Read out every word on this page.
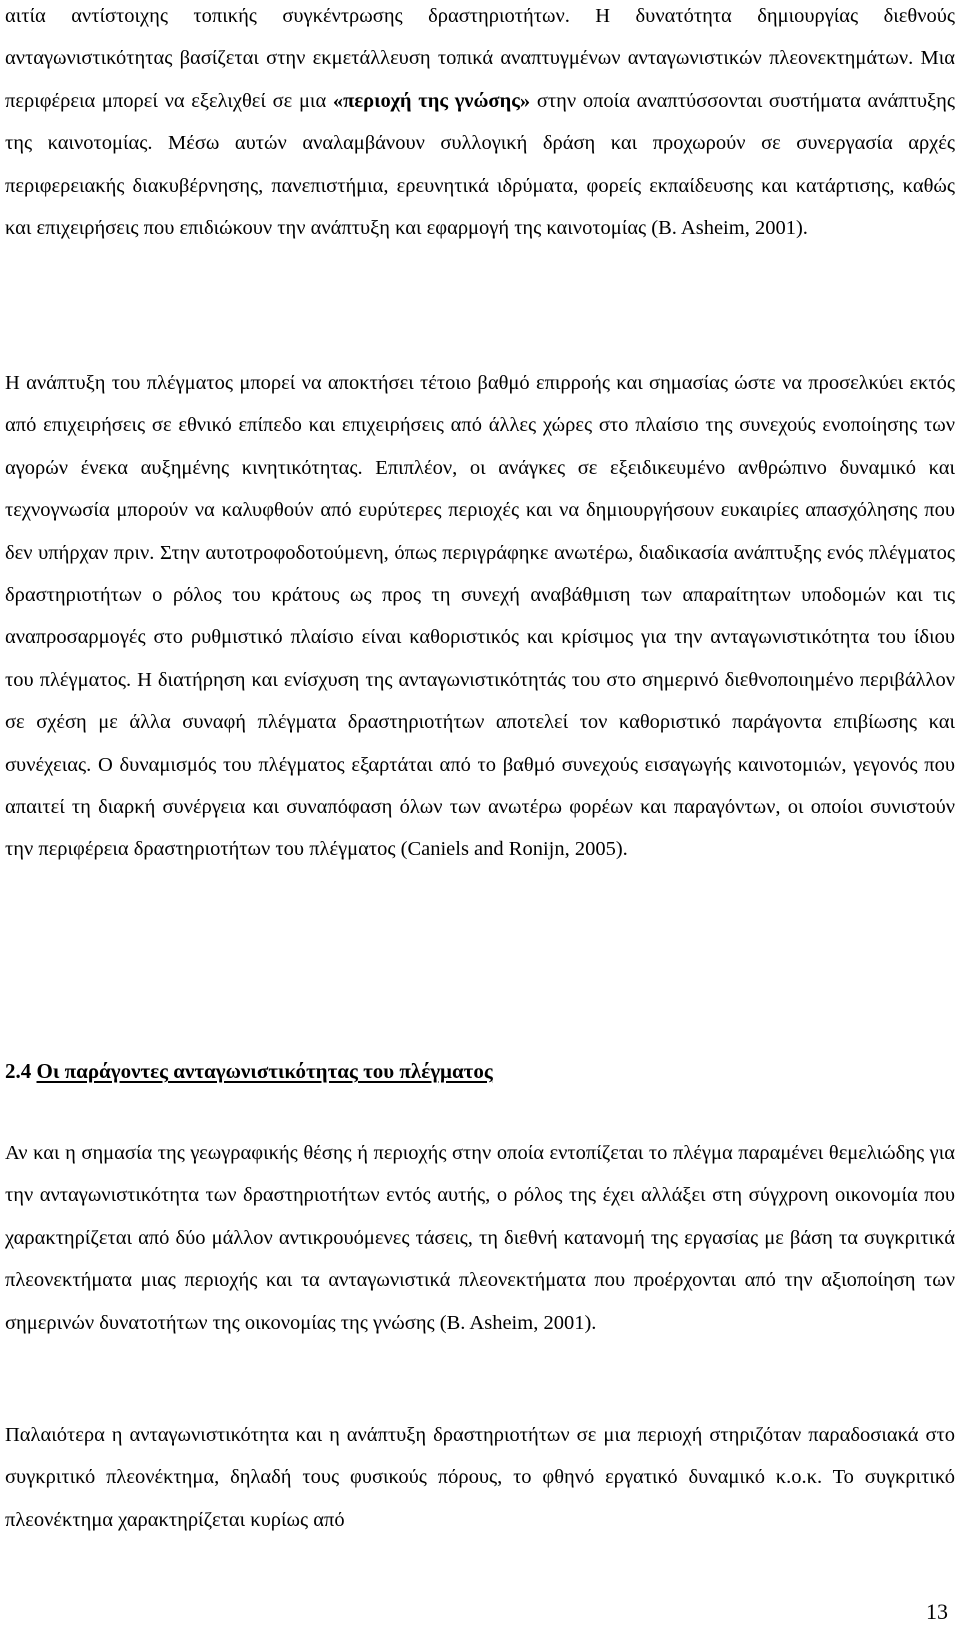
αιτία αντίστοιχης τοπικής συγκέντρωσης δραστηριοτήτων. Η δυνατότητα δημιουργίας διεθνούς ανταγωνιστικότητας βασίζεται στην εκμετάλλευση τοπικά αναπτυγμένων ανταγωνιστικών πλεονεκτημάτων. Μια περιφέρεια μπορεί να εξελιχθεί σε μια «περιοχή της γνώσης» στην οποία αναπτύσσονται συστήματα ανάπτυξης της καινοτομίας. Μέσω αυτών αναλαμβάνουν συλλογική δράση και προχωρούν σε συνεργασία αρχές περιφερειακής διακυβέρνησης, πανεπιστήμια, ερευνητικά ιδρύματα, φορείς εκπαίδευσης και κατάρτισης, καθώς και επιχειρήσεις που επιδιώκουν την ανάπτυξη και εφαρμογή της καινοτομίας (B. Asheim, 2001).

Η ανάπτυξη του πλέγματος μπορεί να αποκτήσει τέτοιο βαθμό επιρροής και σημασίας ώστε να προσελκύει εκτός από επιχειρήσεις σε εθνικό επίπεδο και επιχειρήσεις από άλλες χώρες στο πλαίσιο της συνεχούς ενοποίησης των αγορών ένεκα αυξημένης κινητικότητας. Επιπλέον, οι ανάγκες σε εξειδικευμένο ανθρώπινο δυναμικό και τεχνογνωσία μπορούν να καλυφθούν από ευρύτερες περιοχές και να δημιουργήσουν ευκαιρίες απασχόλησης που δεν υπήρχαν πριν. Στην αυτοτροφοδοτούμενη, όπως περιγράφηκε ανωτέρω, διαδικασία ανάπτυξης ενός πλέγματος δραστηριοτήτων ο ρόλος του κράτους ως προς τη συνεχή αναβάθμιση των απαραίτητων υποδομών και τις αναπροσαρμογές στο ρυθμιστικό πλαίσιο είναι καθοριστικός και κρίσιμος για την ανταγωνιστικότητα του ίδιου του πλέγματος. Η διατήρηση και ενίσχυση της ανταγωνιστικότητάς του στο σημερινό διεθνοποιημένο περιβάλλον σε σχέση με άλλα συναφή πλέγματα δραστηριοτήτων αποτελεί τον καθοριστικό παράγοντα επιβίωσης και συνέχειας. Ο δυναμισμός του πλέγματος εξαρτάται από το βαθμό συνεχούς εισαγωγής καινοτομιών, γεγονός που απαιτεί τη διαρκή συνέργεια και συναπόφαση όλων των ανωτέρω φορέων και παραγόντων, οι οποίοι συνιστούν την περιφέρεια δραστηριοτήτων του πλέγματος (Caniels and Ronijn, 2005).

2.4 Οι παράγοντες ανταγωνιστικότητας του πλέγματος

Αν και η σημασία της γεωγραφικής θέσης ή περιοχής στην οποία εντοπίζεται το πλέγμα παραμένει θεμελιώδης για την ανταγωνιστικότητα των δραστηριοτήτων εντός αυτής, ο ρόλος της έχει αλλάξει στη σύγχρονη οικονομία που χαρακτηρίζεται από δύο μάλλον αντικρουόμενες τάσεις, τη διεθνή κατανομή της εργασίας με βάση τα συγκριτικά πλεονεκτήματα μιας περιοχής και τα ανταγωνιστικά πλεονεκτήματα που προέρχονται από την αξιοποίηση των σημερινών δυνατοτήτων της οικονομίας της γνώσης (B. Asheim, 2001).

Παλαιότερα η ανταγωνιστικότητα και η ανάπτυξη δραστηριοτήτων σε μια περιοχή στηριζόταν παραδοσιακά στο συγκριτικό πλεονέκτημα, δηλαδή τους φυσικούς πόρους, το φθηνό εργατικό δυναμικό κ.ο.κ. Το συγκριτικό πλεονέκτημα χαρακτηρίζεται κυρίως από

13
